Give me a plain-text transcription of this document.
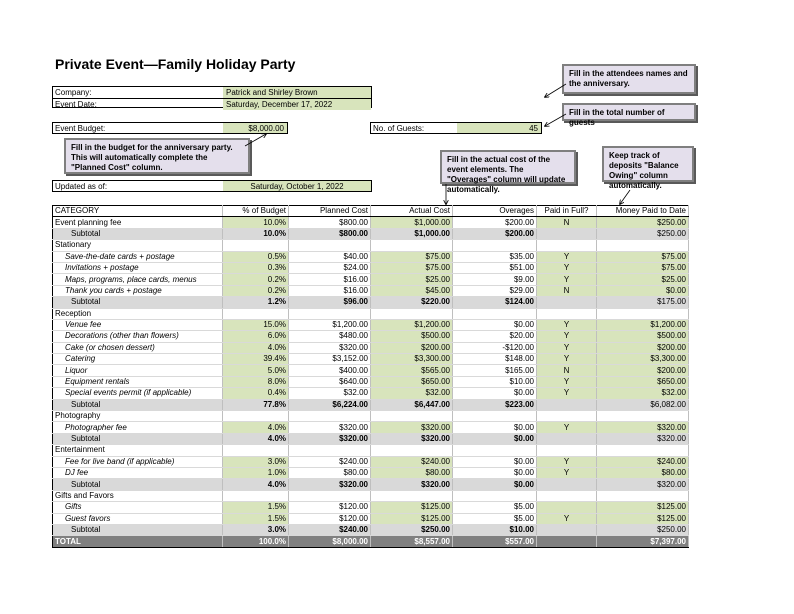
Private Event—Family Holiday Party
Company:	Patrick and Shirley Brown
Event Date:	Saturday, December 17, 2022
Event Budget:	$8,000.00	No. of Guests:	45
Updated as of:	Saturday, October 1, 2022
Fill in the attendees names and the anniversary.
Fill in the total number of guests
Fill in the budget for the anniversary party. This will automatically complete the "Planned Cost" column.
Fill in the actual cost of the event elements. The "Overages" column will update automatically.
Keep track of deposits "Balance Owing" column automatically.
CATEGORY	% of Budget	Planned Cost	Actual Cost	Overages	Paid in Full?	Money Paid to Date
Event planning fee	10.0%	$800.00	$1,000.00	$200.00	N	$250.00
Subtotal	10.0%	$800.00	$1,000.00	$200.00		$250.00
Stationary						
Save-the-date cards + postage	0.5%	$40.00	$75.00	$35.00	Y	$75.00
Invitations + postage	0.3%	$24.00	$75.00	$51.00	Y	$75.00
Maps, programs, place cards, menus	0.2%	$16.00	$25.00	$9.00	Y	$25.00
Thank you cards + postage	0.2%	$16.00	$45.00	$29.00	N	$0.00
Subtotal	1.2%	$96.00	$220.00	$124.00		$175.00
Reception						
Venue fee	15.0%	$1,200.00	$1,200.00	$0.00	Y	$1,200.00
Decorations (other than flowers)	6.0%	$480.00	$500.00	$20.00	Y	$500.00
Cake (or chosen dessert)	4.0%	$320.00	$200.00	-$120.00	Y	$200.00
Catering	39.4%	$3,152.00	$3,300.00	$148.00	Y	$3,300.00
Liquor	5.0%	$400.00	$565.00	$165.00	N	$200.00
Equipment rentals	8.0%	$640.00	$650.00	$10.00	Y	$650.00
Special events permit (if applicable)	0.4%	$32.00	$32.00	$0.00	Y	$32.00
Subtotal	77.8%	$6,224.00	$6,447.00	$223.00		$6,082.00
Photography						
Photographer fee	4.0%	$320.00	$320.00	$0.00	Y	$320.00
Subtotal	4.0%	$320.00	$320.00	$0.00		$320.00
Entertainment						
Fee for live band (if applicable)	3.0%	$240.00	$240.00	$0.00	Y	$240.00
DJ fee	1.0%	$80.00	$80.00	$0.00	Y	$80.00
Subtotal	4.0%	$320.00	$320.00	$0.00		$320.00
Gifts and Favors						
Gifts	1.5%	$120.00	$125.00	$5.00		$125.00
Guest favors	1.5%	$120.00	$125.00	$5.00	Y	$125.00
Subtotal	3.0%	$240.00	$250.00	$10.00		$250.00
TOTAL	100.0%	$8,000.00	$8,557.00	$557.00		$7,397.00
